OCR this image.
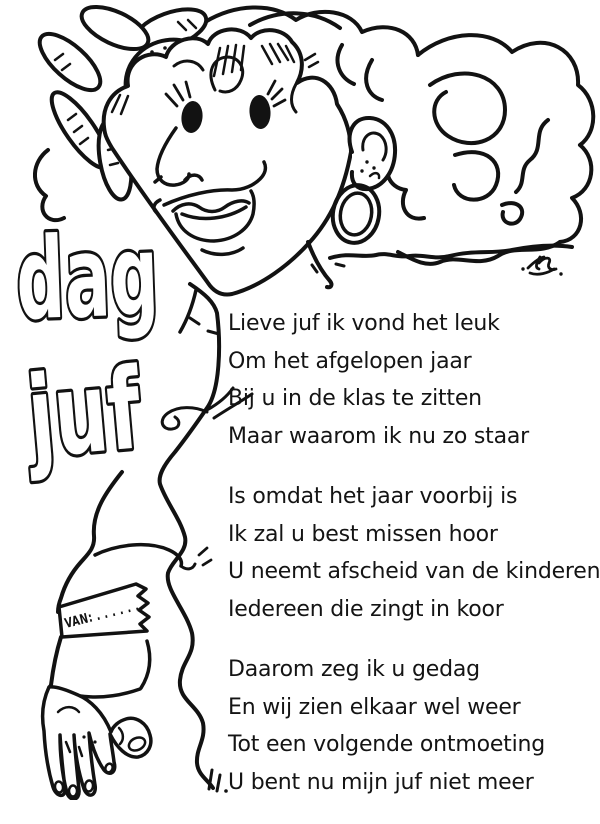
VAN: . . . . . .
dag
juf

Lieve juf ik vond het leuk

Om het afgelopen jaar

Bij u in de klas te zitten

Maar waarom ik nu zo staar

Is omdat het jaar voorbij is

Ik zal u best missen hoor

U neemt afscheid van de kinderen

Iedereen die zingt in koor

Daarom zeg ik u gedag

En wij zien elkaar wel weer

Tot een volgende ontmoeting

U bent nu mijn juf niet meer
